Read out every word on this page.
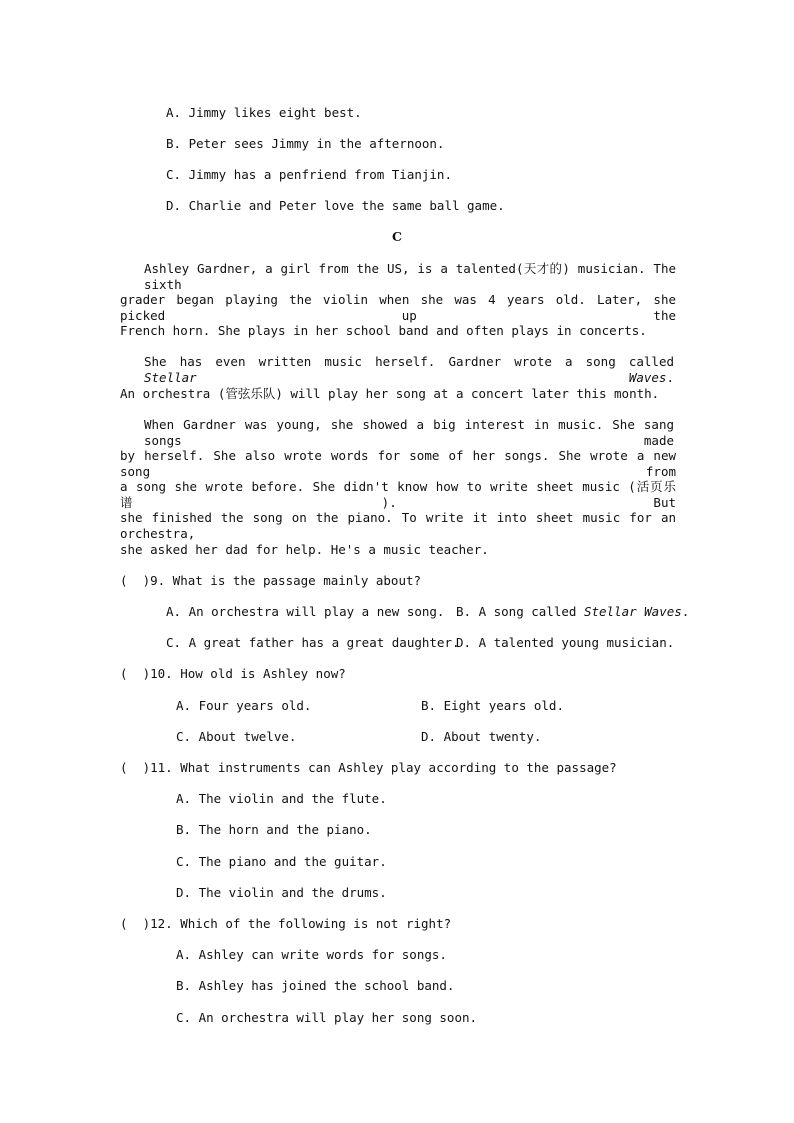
A. Jimmy likes eight best.
B. Peter sees Jimmy in the afternoon.
C. Jimmy has a penfriend from Tianjin.
D. Charlie and Peter love the same ball game.
C
Ashley Gardner, a girl from the US, is a talented(天才的) musician. The sixth
grader began playing the violin when she was 4 years old. Later, she picked up the
French horn. She plays in her school band and often plays in concerts.
She has even written music herself. Gardner wrote a song called Stellar Waves.
An orchestra (管弦乐队) will play her song at a concert later this month.
When Gardner was young, she showed a big interest in music. She sang songs made
by herself. She also wrote words for some of her songs. She wrote a new song from
a song she wrote before. She didn't know how to write sheet music (活页乐谱). But
she finished the song on the piano. To write it into sheet music for an orchestra,
she asked her dad for help. He's a music teacher.
(  )9. What is the passage mainly about?
A. An orchestra will play a new song. B. A song called Stellar Waves.
C. A great father has a great daughter.
D. A talented young musician.
(  )10. How old is Ashley now?
A. Four years old.	B. Eight years old.
C. About twelve.	D. About twenty.
(  )11. What instruments can Ashley play according to the passage?
A. The violin and the flute.
B. The horn and the piano.
C. The piano and the guitar.
D. The violin and the drums.
(  )12. Which of the following is not right?
A. Ashley can write words for songs.
B. Ashley has joined the school band.
C. An orchestra will play her song soon.
